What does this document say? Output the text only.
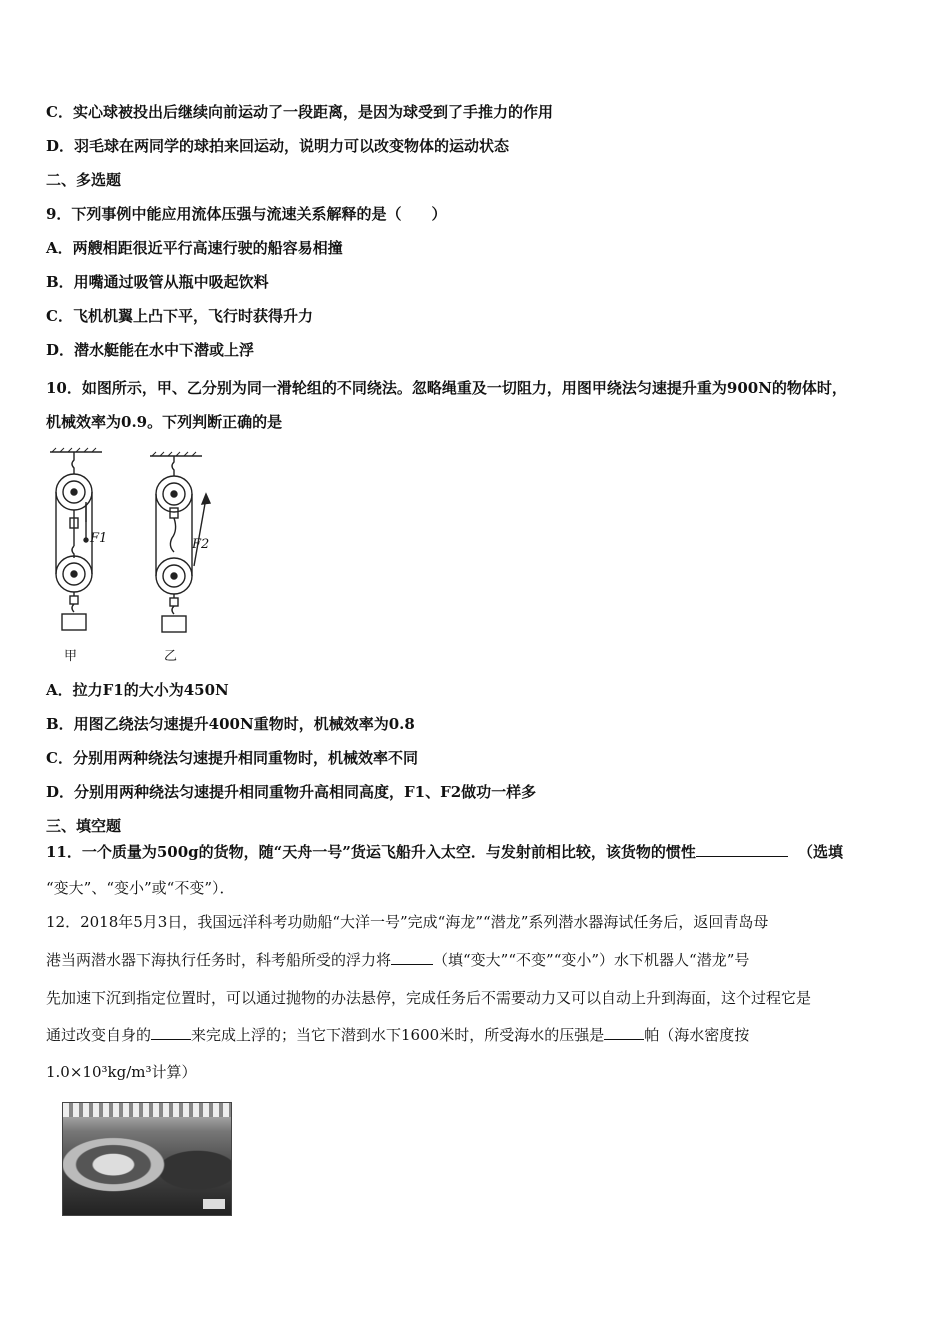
C．实心球被投出后继续向前运动了一段距离，是因为球受到了手推力的作用
D．羽毛球在两同学的球拍来回运动，说明力可以改变物体的运动状态
二、多选题
9．下列事例中能应用流体压强与流速关系解释的是（　　）
A．两艘相距很近平行高速行驶的船容易相撞
B．用嘴通过吸管从瓶中吸起饮料
C．飞机机翼上凸下平，飞行时获得升力
D．潜水艇能在水中下潜或上浮
10．如图所示，甲、乙分别为同一滑轮组的不同绕法。忽略绳重及一切阻力，用图甲绕法匀速提升重为900N的物体时，
机械效率为0.9。下列判断正确的是
F1	F2
甲	乙
A．拉力F1的大小为450N
B．用图乙绕法匀速提升400N重物时，机械效率为0.8
C．分别用两种绕法匀速提升相同重物时，机械效率不同
D．分别用两种绕法匀速提升相同重物升高相同高度，F1、F2做功一样多
三、填空题
11．一个质量为500g的货物，随“天舟一号”货运飞船升入太空．与发射前相比较，该货物的惯性	（选填
“变大”、“变小”或“不变”）．
12．2018年5月3日，我国远洋科考功勋船“大洋一号”完成“海龙”“潜龙”系列潜水器海试任务后，返回青岛母
港当两潜水器下海执行任务时，科考船所受的浮力将	（填“变大”“不变”“变小”）水下机器人“潜龙”号
先加速下沉到指定位置时，可以通过抛物的办法悬停，完成任务后不需要动力又可以自动上升到海面，这个过程它是
通过改变自身的	来完成上浮的；当它下潜到水下1600米时，所受海水的压强是	帕（海水密度按
1.0×10³kg/m³计算）
